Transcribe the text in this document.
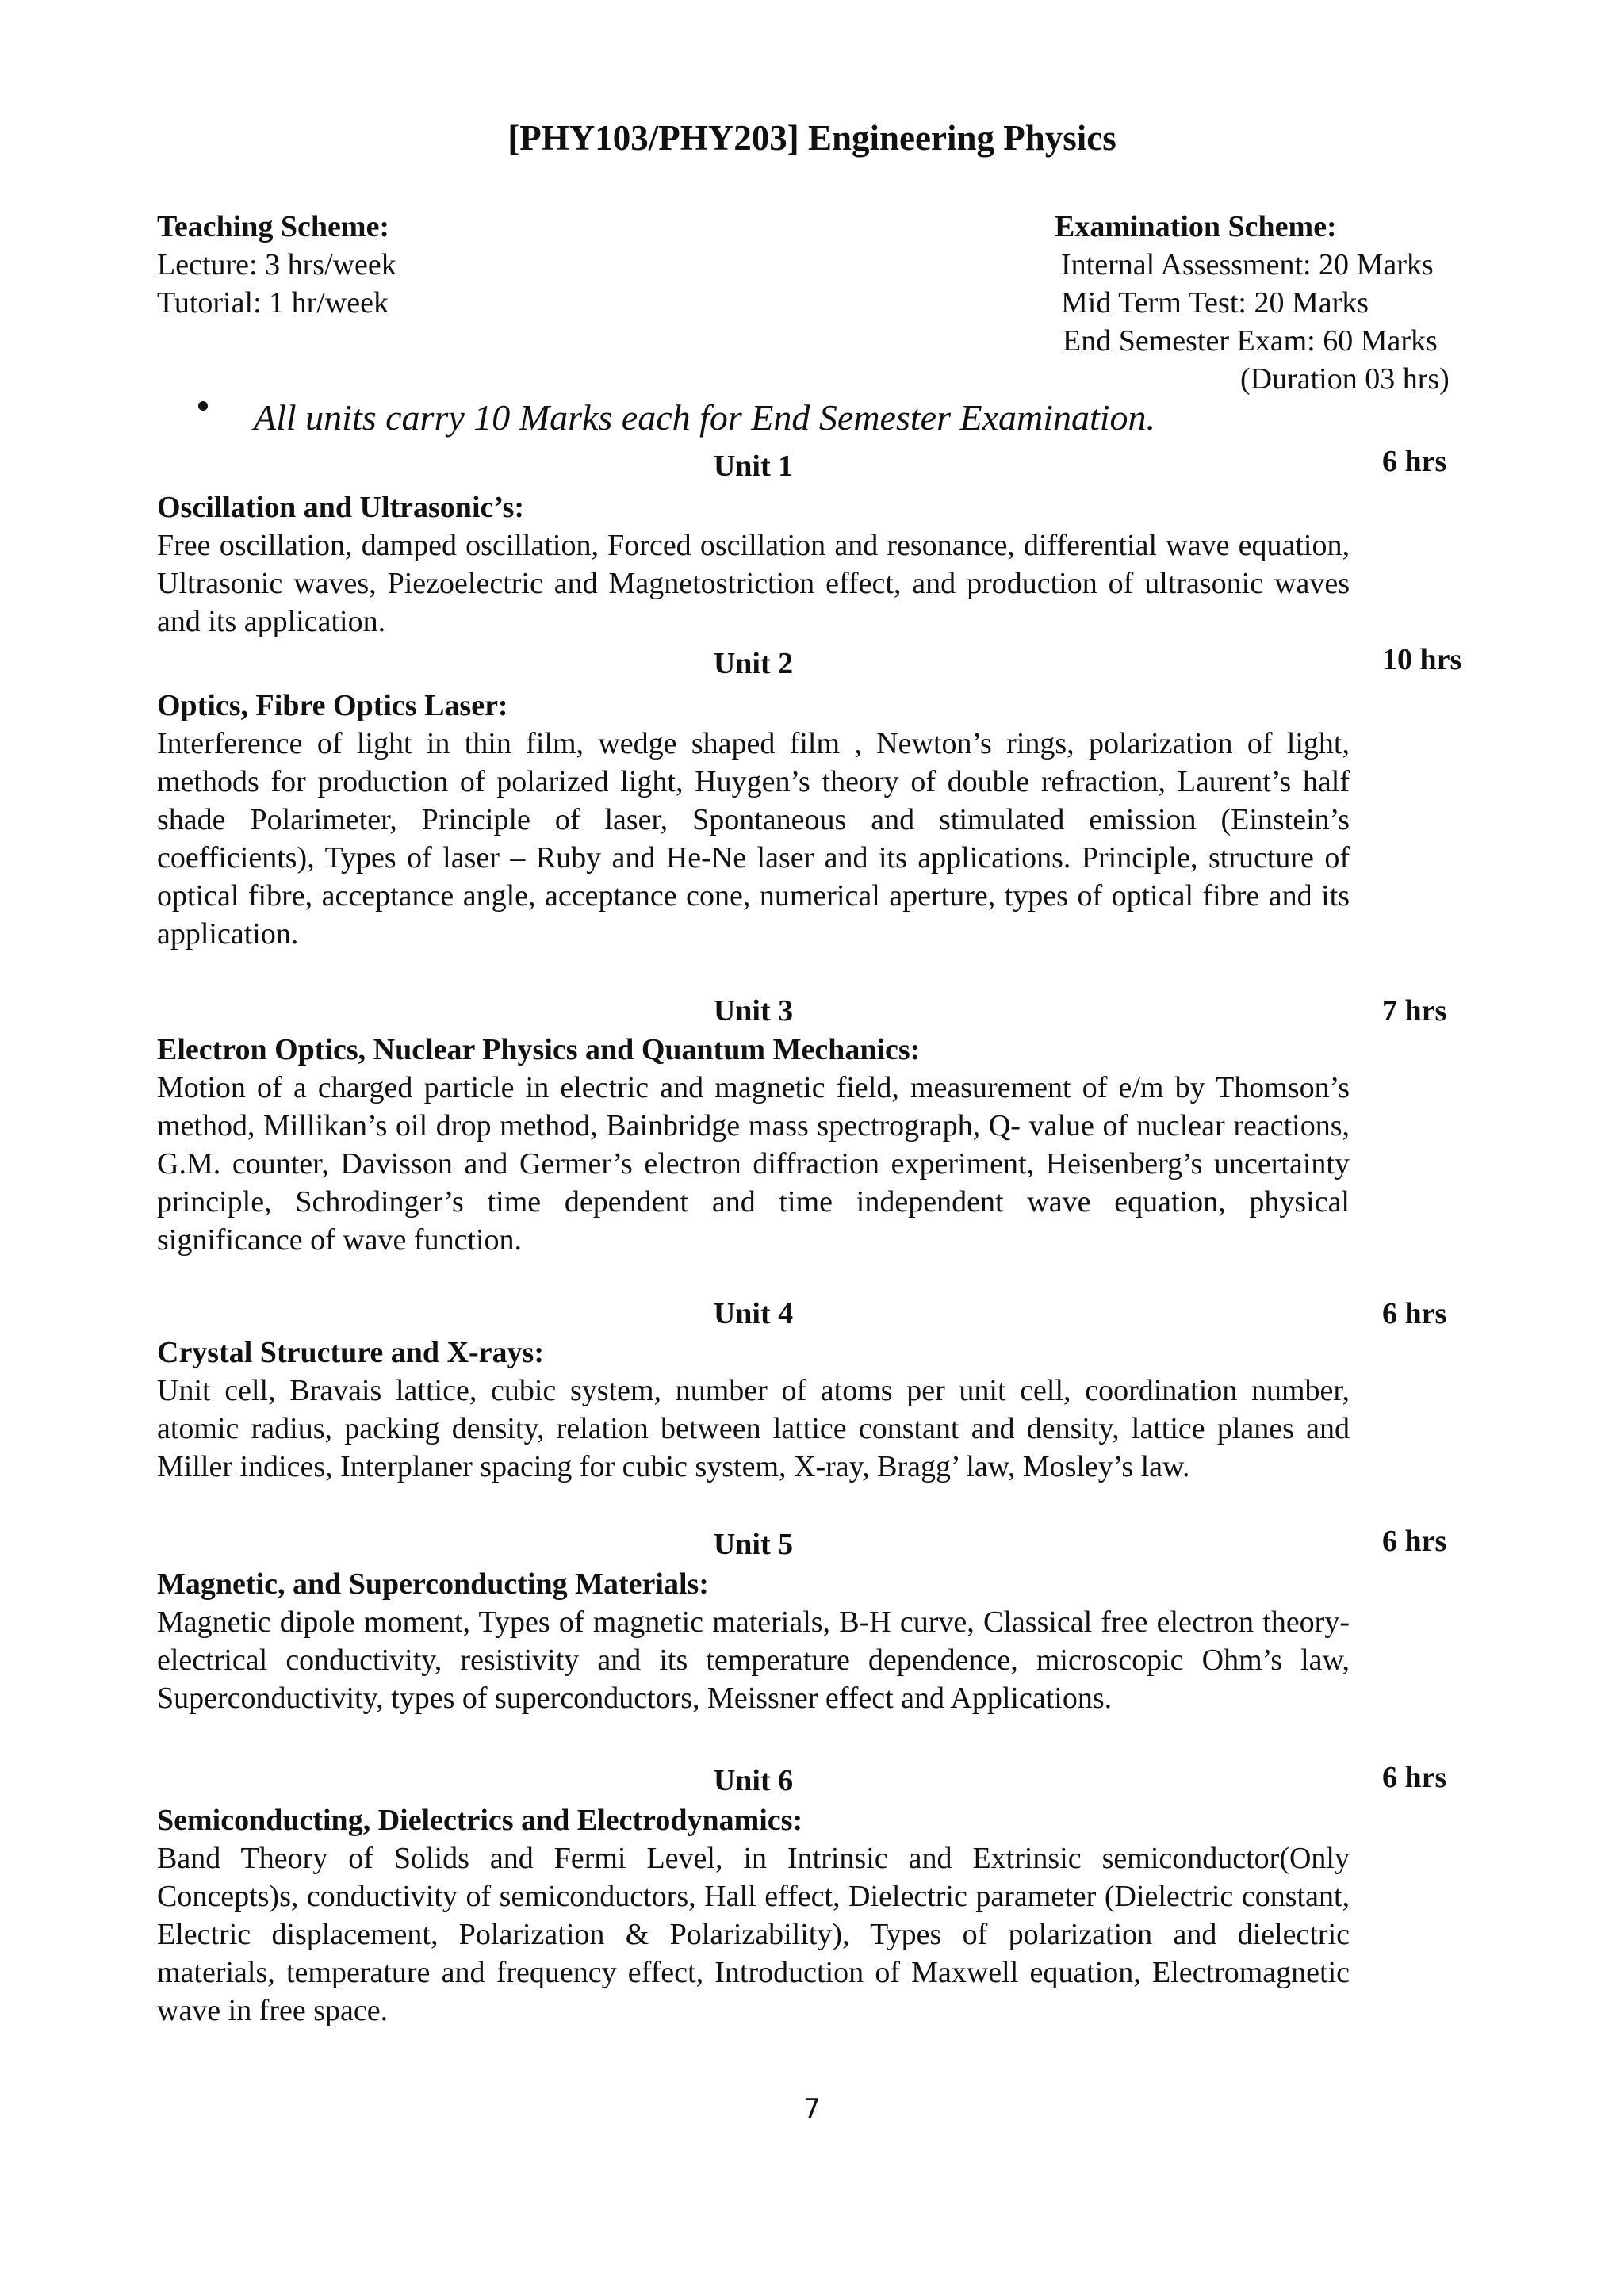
[PHY103/PHY203] Engineering Physics
Teaching Scheme:
Lecture: 3 hrs/week
Tutorial: 1 hr/week
Examination Scheme:
Internal Assessment: 20 Marks
Mid Term Test: 20 Marks
End Semester Exam: 60 Marks
(Duration 03 hrs)
All units carry 10 Marks each for End Semester Examination.
Unit 1	6 hrs
Oscillation and Ultrasonic’s:
Free oscillation, damped oscillation, Forced oscillation and resonance, differential wave equation, Ultrasonic waves, Piezoelectric and Magnetostriction effect, and production of ultrasonic waves and its application.
Unit 2	10 hrs
Optics, Fibre Optics Laser:
Interference of light in thin film, wedge shaped film , Newton’s rings, polarization of light, methods for production of polarized light, Huygen’s theory of double refraction, Laurent’s half shade Polarimeter, Principle of laser, Spontaneous and stimulated emission (Einstein’s coefficients), Types of laser – Ruby and He-Ne laser and its applications. Principle, structure of optical fibre, acceptance angle, acceptance cone, numerical aperture, types of optical fibre and its application.
Unit 3	7 hrs
Electron Optics, Nuclear Physics and Quantum Mechanics:
Motion of a charged particle in electric and magnetic field, measurement of e/m by Thomson’s method, Millikan’s oil drop method, Bainbridge mass spectrograph, Q- value of nuclear reactions, G.M. counter, Davisson and Germer’s electron diffraction experiment, Heisenberg’s uncertainty principle, Schrodinger’s time dependent and time independent wave equation, physical significance of wave function.
Unit 4	6 hrs
Crystal Structure and X-rays:
Unit cell, Bravais lattice, cubic system, number of atoms per unit cell, coordination number, atomic radius, packing density, relation between lattice constant and density, lattice planes and Miller indices, Interplaner spacing for cubic system, X-ray, Bragg’ law, Mosley’s law.
Unit 5	6 hrs
Magnetic, and Superconducting Materials:
Magnetic dipole moment, Types of magnetic materials, B-H curve, Classical free electron theory-electrical conductivity, resistivity and its temperature dependence, microscopic Ohm’s law, Superconductivity, types of superconductors, Meissner effect and Applications.
Unit 6	6 hrs
Semiconducting, Dielectrics and Electrodynamics:
Band Theory of Solids and Fermi Level, in Intrinsic and Extrinsic semiconductor(Only Concepts)s, conductivity of semiconductors, Hall effect, Dielectric parameter (Dielectric constant, Electric displacement, Polarization & Polarizability), Types of polarization and dielectric materials, temperature and frequency effect, Introduction of Maxwell equation, Electromagnetic wave in free space.
7
